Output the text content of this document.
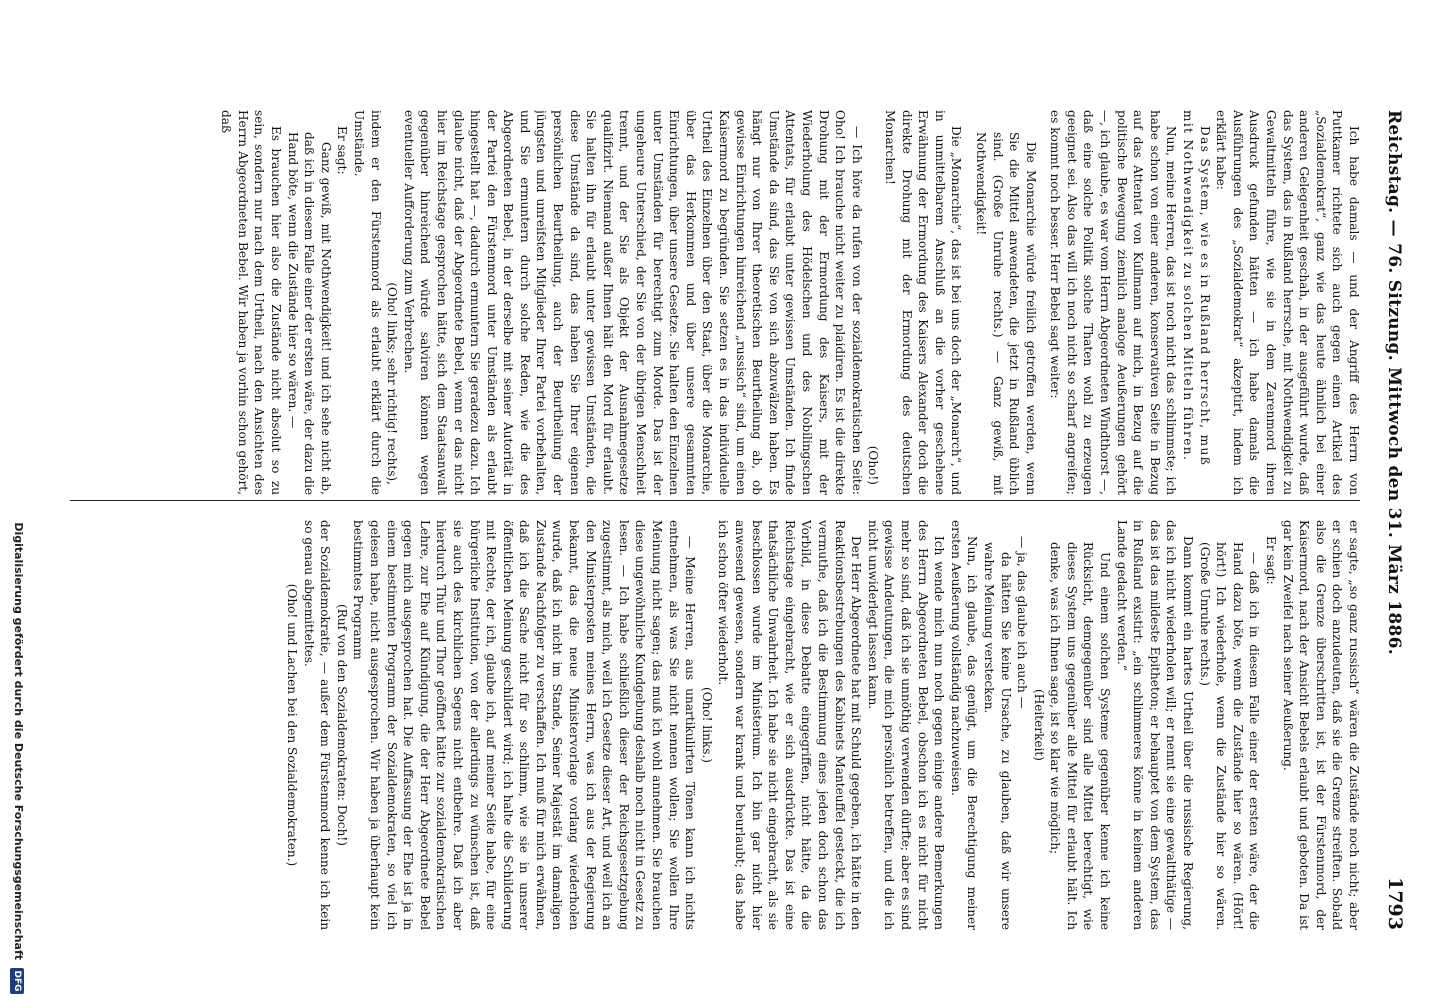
Reichstag. — 76. Sitzung. Mittwoch den 31. März 1886.
1793

Ich habe damals — und der Angriff des Herrn von Puttkamer richtete sich auch gegen einen Artikel des „Sozialdemokrat“, ganz wie das heute ähnlich bei einer anderen Gelegenheit geschah, in der ausgeführt wurde, daß das System, das in Rußland herrsche, mit Nothwendigkeit zu Gewaltmitteln führe, wie sie in dem Zarenmord ihren Ausdruck gefunden hätten — ich habe damals die Ausführungen des „Sozialdemokrat“ akzeptirt, indem ich erklärt habe:

Das System, wie es in Rußland herrscht, muß mit Nothwendigkeit zu solchen Mitteln führen.

Nun, meine Herren, das ist noch nicht das schlimmste; ich habe schon von einer anderen, konservativen Seite in Bezug auf das Attentat von Kullmann auf mich, in Bezug auf die politische Bewegung ziemlich analoge Aeußerungen gehört —, ich glaube, es war vom Herrn Abgeordneten Windthorst —, daß eine solche Politik solche Thaten wohl zu erzeugen geeignet sei. Also das will ich noch nicht so scharf angreifen; es kommt noch besser. Herr Bebel sagt weiter:

Die Monarchie würde freilich getroffen werden, wenn Sie die Mittel anwendeten, die jetzt in Rußland üblich sind. (Große Unruhe rechts.) — Ganz gewiß, mit Nothwendigkeit!

Die „Monarchie“, das ist bei uns doch der „Monarch“, und in unmittelbarem Anschluß an die vorher geschehene Erwähnung der Ermordung des Kaisers Alexander doch die direkte Drohung mit der Ermordung des deutschen Monarchen!

(Oho!)

— Ich höre da rufen von der sozialdemokratischen Seite: Oho! Ich brauche nicht weiter zu plaidiren. Es ist die direkte Drohung mit der Ermordung des Kaisers, mit der Wiederholung des Hödelschen und des Nobilingschen Attentats, für erlaubt unter gewissen Umständen. Ich finde Umstände da sind, das Sie von sich abzuwälzen haben. Es hängt nur von Ihrer theoretischen Beurtheilung ab, ob gewisse Einrichtungen hinreichend „russisch“ sind, um einen Kaisermord zu begründen. Sie setzen es in das individuelle Urtheil des Einzelnen über den Staat, über die Monarchie, über das Herkommen und über unsere gesammten Einrichtungen, über unsere Gesetze. Sie halten den Einzelnen unter Umständen für berechtigt zum Morde. Das ist der ungeheure Unterschied, der Sie von der übrigen Menschheit trennt, und der Sie als Objekt der Ausnahmegesetze qualifizirt. Niemand außer Ihnen hält den Mord für erlaubt. Sie halten ihn für erlaubt unter gewissen Umständen, die diese Umstände da sind, das haben Sie Ihrer eigenen persönlichen Beurtheilung, auch der Beurtheilung der jüngsten und unreifsten Mitglieder Ihrer Partei vorbehalten, und Sie ermuntern durch solche Reden, wie die des Abgeordneten Bebel, in der derselbe mit seiner Autorität in der Partei den Fürstenmord unter Umständen als erlaubt hingestellt hat —, dadurch ermuntern Sie geradezu dazu. Ich glaube nicht, daß der Abgeordnete Bebel, wenn er das nicht hier im Reichstage gesprochen hätte, sich dem Staatsanwalt gegenüber hinreichend würde salviren können wegen eventueller Aufforderung zum Verbrechen.

(Oho! links; sehr richtig! rechts),

indem er den Fürstenmord als erlaubt erklärt durch die Umstände.

Er sagt:

Ganz gewiß, mit Nothwendigkeit! und ich sehe nicht ab, daß ich in diesem Falle einer der ersten wäre, der dazu die Hand böte, wenn die Zustände hier so wären. —

Es brauchen hier also die Zustände nicht absolut so zu sein, sondern nur nach dem Urtheil, nach den Ansichten des Herrn Abgeordneten Bebel. Wir haben ja vorhin schon gehört, daß

er sagte, „so ganz russisch“ wären die Zustände noch nicht; aber er schien doch anzudeuten, daß sie die Grenze streiften. Sobald also die Grenze überschritten ist, ist der Fürstenmord, der Kaisermord, nach der Ansicht Bebels erlaubt und geboten. Da ist gar kein Zweifel nach seiner Aeußerung.

Er sagt:

— daß ich in diesem Falle einer der ersten wäre, der die Hand dazu böte, wenn die Zustände hier so wären. (Hört! hört!) Ich wiederhole, wenn die Zustände hier so wären. (Große Unruhe rechts.)

Dann kommt ein hartes Urtheil über die russische Regierung, das ich nicht wiederholen will; er nennt sie eine gewaltthätige — das ist das mildeste Epitheton; er behauptet von dem System, das in Rußland existirt: „ein schlimmeres könne in keinem anderen Lande gedacht werden.“

Und einem solchen Systeme gegenüber kenne ich keine Rücksicht, demgegenüber sind alle Mittel berechtigt, wie dieses System uns gegenüber alle Mittel für erlaubt hält. Ich denke, was ich Ihnen sage, ist so klar wie möglich;

(Heiterkeit)

— ja, das glaube ich auch —

da hätten Sie keine Ursache, zu glauben, daß wir unsere wahre Meinung verstecken.

Nun, ich glaube, das genügt, um die Berechtigung meiner ersten Aeußerung vollständig nachzuweisen.

Ich wende mich nun noch gegen einige andere Bemerkungen des Herrn Abgeordneten Bebel, obschon ich es nicht für nicht mehr so sind, daß ich sie unnöthig verwenden dürfte; aber es sind gewisse Andeutungen, die mich persönlich betreffen, und die ich nicht unwiderlegt lassen kann.

Der Herr Abgeordnete hat mit Schuld gegeben, ich hätte in den Reaktionsbestrebungen des Kabinets Manteuffel gesteckt, die ich vermuthe, daß ich die Bestimmung eines jeden doch schon das Vorbild, in diese Debatte eingegriffen, nicht hätte, da die Reichstage eingebracht, wie er sich ausdrückte. Das ist eine thatsächliche Unwahrheit. Ich habe sie nicht eingebracht, als sie beschlossen wurde im Ministerium. Ich bin gar nicht hier anwesend gewesen, sondern war krank und beurlaubt; das habe ich schon öfter wiederholt.

(Oho! links.)

— Meine Herren, aus unartikulirten Tönen kann ich nichts entnehmen, als was Sie nicht nennen wollen; Sie wollen Ihre Meinung nicht sagen; das muß ich wohl annehmen. Sie brauchen diese ungewöhnliche Kundgebung deshalb noch nicht in Gesetz zu lesen. — Ich habe schließlich dieser der Reichsgesetzgebung zugestimmt, als mich, weil ich Gesetze dieser Art, und weil ich an den Ministerposten meines Herrn, was ich aus der Regierung bekannt, das die neue Ministervorlage vorlang wiederholen wurde, daß ich nicht im Stande, Seiner Majestät im damaligen Zustande Nachfolger zu verschaffen. Ich muß für mich erwähnen, daß ich die Sache nicht für so schlimm, wie sie in unserer öffentlichen Meinung geschildert wird; ich halte die Schilderung mit Rechte, der ich, glaube ich, auf meiner Seite habe, für eine bürgerliche Institution, von der allerdings zu wünschen ist, daß sie auch des kirchlichen Segens nicht entbehre. Daß ich aber hierdurch Thür und Thor geöffnet hätte zur sozialdemokratischen Lehre, zur Ehe auf Kündigung, die der Herr Abgeordnete Bebel gegen mich ausgesprochen hat. Die Auffassung der Ehe ist ja in einem bestimmten Programm der Sozialdemokraten, so viel ich gelesen habe, nicht ausgesprochen. Wir haben ja überhaupt kein bestimmtes Programm

(Ruf von den Sozialdemokraten: Doch!)

der Sozialdemokratie, — außer dem Fürstenmord kenne ich kein so genau abgemitteltes.

(Oho! und Lachen bei den Sozialdemokraten.)

Digitalisierung gefördert durch die Deutsche Forschungsgemeinschaft
DFG
